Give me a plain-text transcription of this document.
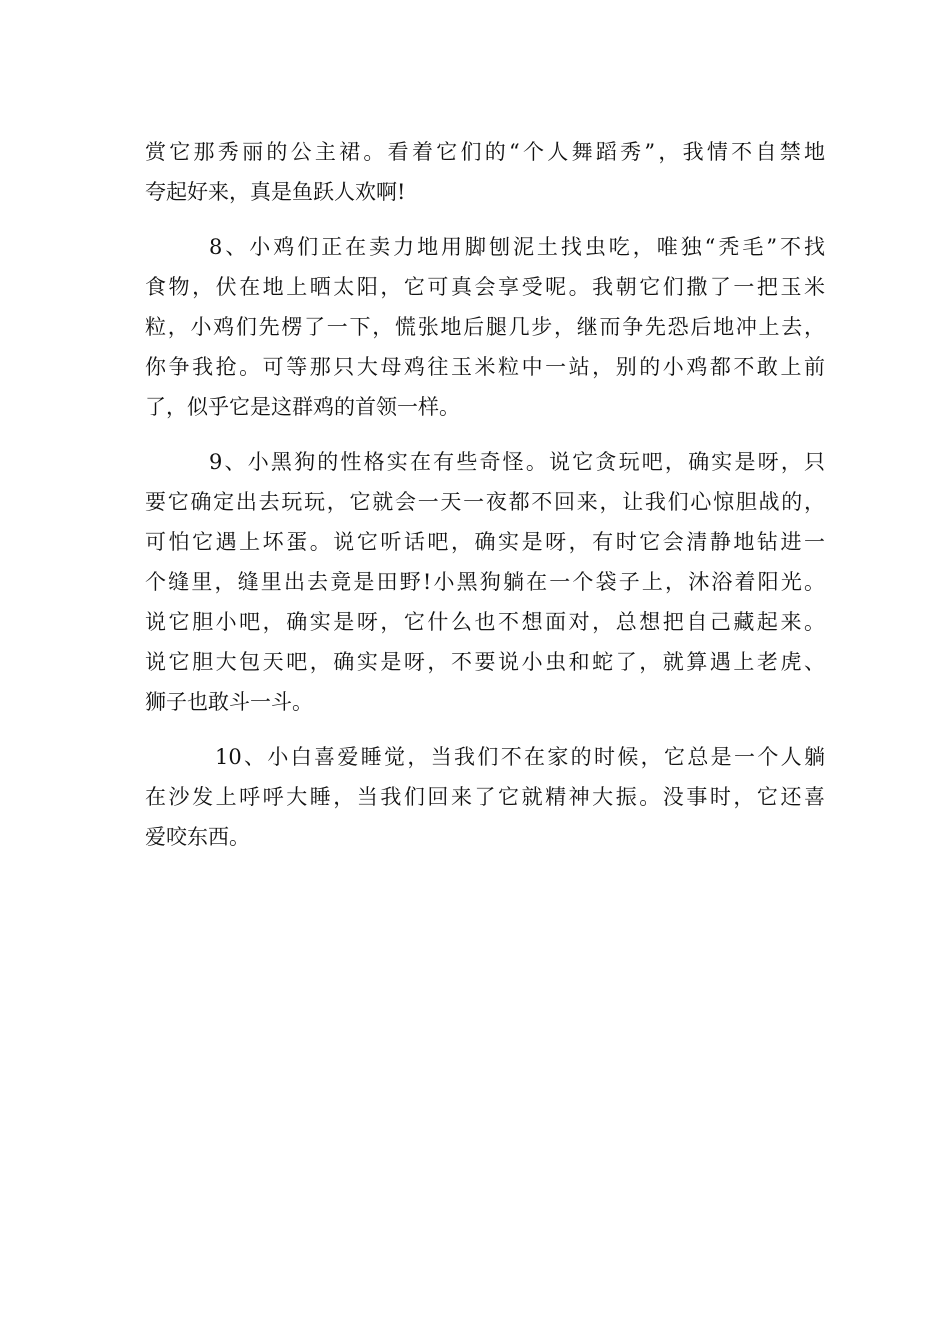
赏它那秀丽的公主裙。看着它们的“个人舞蹈秀”，我情不自禁地

夸起好来，真是鱼跃人欢啊!

8、小鸡们正在卖力地用脚刨泥土找虫吃，唯独“秃毛”不找

食物，伏在地上晒太阳，它可真会享受呢。我朝它们撒了一把玉米

粒，小鸡们先楞了一下，慌张地后腿几步，继而争先恐后地冲上去，

你争我抢。可等那只大母鸡往玉米粒中一站，别的小鸡都不敢上前

了，似乎它是这群鸡的首领一样。

9、小黑狗的性格实在有些奇怪。说它贪玩吧，确实是呀，只

要它确定出去玩玩，它就会一天一夜都不回来，让我们心惊胆战的，

可怕它遇上坏蛋。说它听话吧，确实是呀，有时它会清静地钻进一

个缝里，缝里出去竟是田野!小黑狗躺在一个袋子上，沐浴着阳光。

说它胆小吧，确实是呀，它什么也不想面对，总想把自己藏起来。

说它胆大包天吧，确实是呀，不要说小虫和蛇了，就算遇上老虎、

狮子也敢斗一斗。

10、小白喜爱睡觉，当我们不在家的时候，它总是一个人躺

在沙发上呼呼大睡，当我们回来了它就精神大振。没事时，它还喜

爱咬东西。
